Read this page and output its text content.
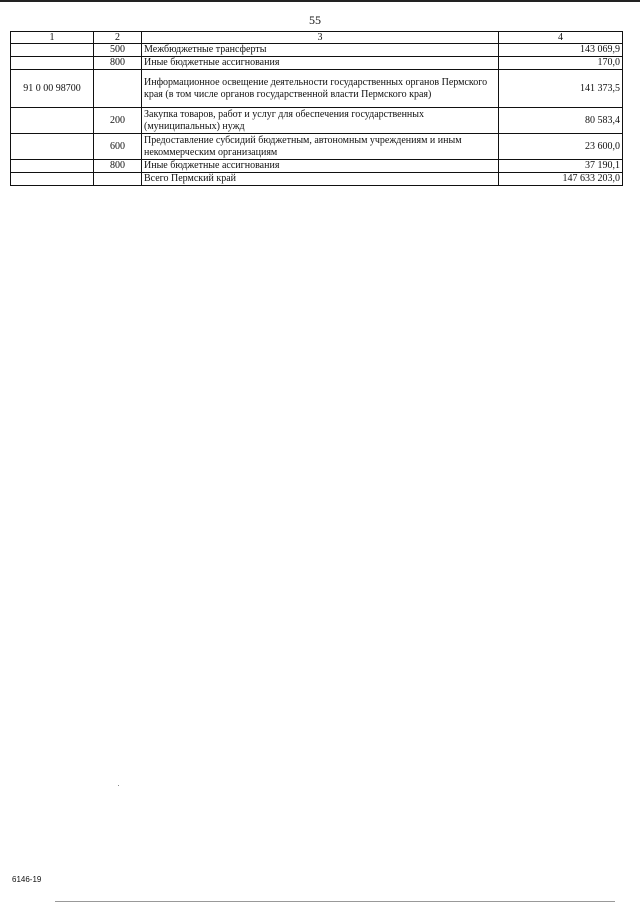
55
1	2	3	4
	500	Межбюджетные трансферты	143 069,9
	800	Иные бюджетные ассигнования	170,0
91 0 00 98700		Информационное освещение деятельности государственных органов Пермского края (в том числе органов государственной власти Пермского края)	141 373,5
	200	Закупка товаров, работ и услуг для обеспечения государственных (муниципальных) нужд	80 583,4
	600	Предоставление субсидий бюджетным, автономным учреждениям и иным некоммерческим организациям	23 600,0
	800	Иные бюджетные ассигнования	37 190,1
		Всего Пермский край	147 633 203,0
6146-19
